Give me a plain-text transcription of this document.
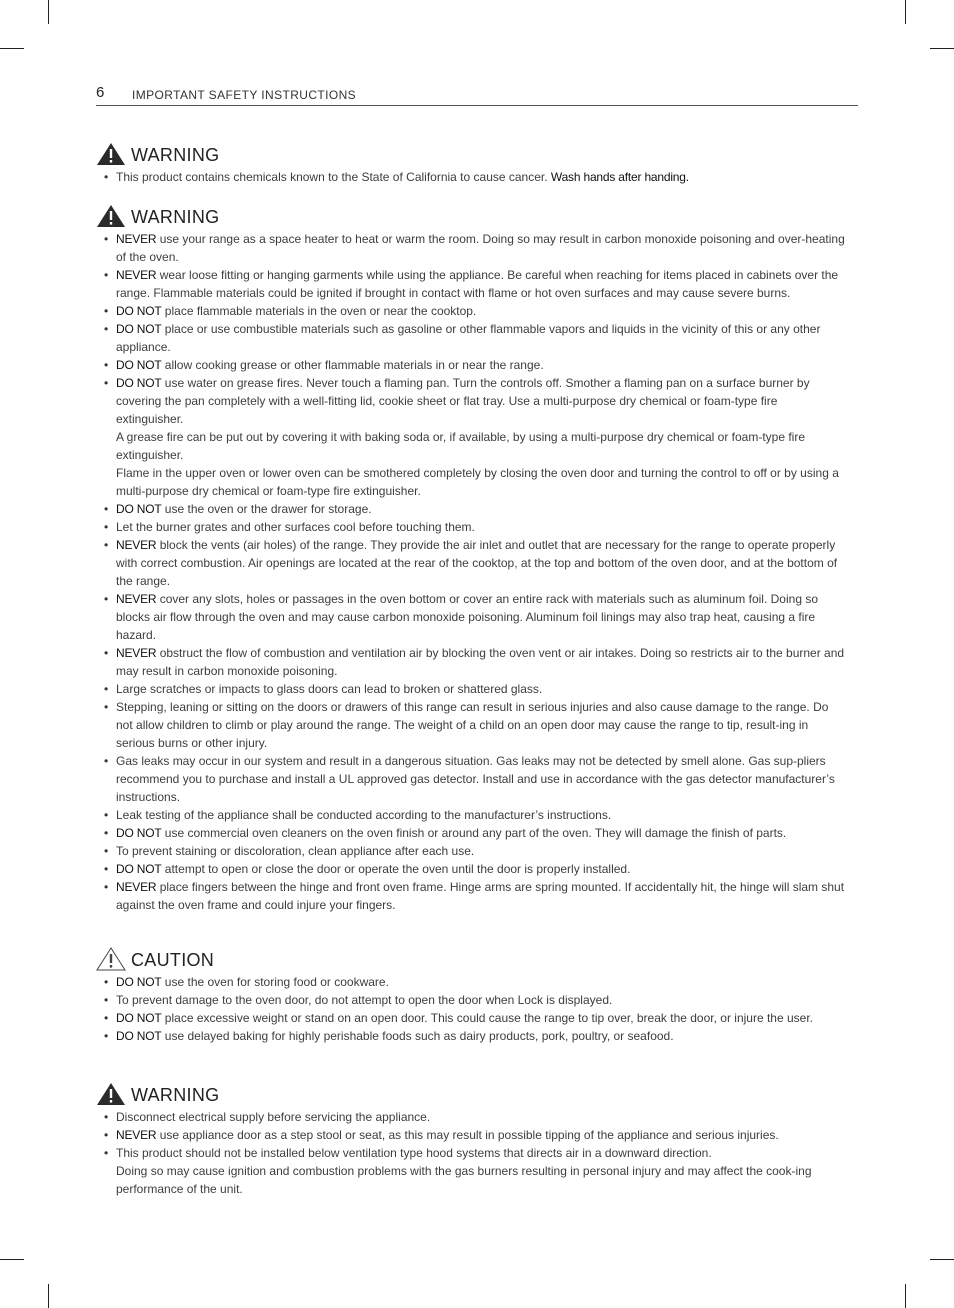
6 IMPORTANT SAFETY INSTRUCTIONS
WARNING
• This product contains chemicals known to the State of California to cause cancer. Wash hands after handing.
WARNING
• NEVER use your range as a space heater to heat or warm the room. Doing so may result in carbon monoxide poisoning and over-heating of the oven.
• NEVER wear loose fitting or hanging garments while using the appliance. Be careful when reaching for items placed in cabinets over the range. Flammable materials could be ignited if brought in contact with flame or hot oven surfaces and may cause severe burns.
• DO NOT place flammable materials in the oven or near the cooktop.
• DO NOT place or use combustible materials such as gasoline or other flammable vapors and liquids in the vicinity of this or any other appliance.
• DO NOT allow cooking grease or other flammable materials in or near the range.
• DO NOT use water on grease fires. Never touch a flaming pan. Turn the controls off. Smother a flaming pan on a surface burner by covering the pan completely with a well-fitting lid, cookie sheet or flat tray. Use a multi-purpose dry chemical or foam-type fire extinguisher.
A grease fire can be put out by covering it with baking soda or, if available, by using a multi-purpose dry chemical or foam-type fire extinguisher.
Flame in the upper oven or lower oven can be smothered completely by closing the oven door and turning the control to off or by using a multi-purpose dry chemical or foam-type fire extinguisher.
• DO NOT use the oven or the drawer for storage.
• Let the burner grates and other surfaces cool before touching them.
• NEVER block the vents (air holes) of the range. They provide the air inlet and outlet that are necessary for the range to operate properly with correct combustion. Air openings are located at the rear of the cooktop, at the top and bottom of the oven door, and at the bottom of the range.
• NEVER cover any slots, holes or passages in the oven bottom or cover an entire rack with materials such as aluminum foil. Doing so blocks air flow through the oven and may cause carbon monoxide poisoning. Aluminum foil linings may also trap heat, causing a fire hazard.
• NEVER obstruct the flow of combustion and ventilation air by blocking the oven vent or air intakes. Doing so restricts air to the burner and may result in carbon monoxide poisoning.
• Large scratches or impacts to glass doors can lead to broken or shattered glass.
• Stepping, leaning or sitting on the doors or drawers of this range can result in serious injuries and also cause damage to the range. Do not allow children to climb or play around the range. The weight of a child on an open door may cause the range to tip, result-ing in serious burns or other injury.
• Gas leaks may occur in our system and result in a dangerous situation. Gas leaks may not be detected by smell alone. Gas sup-pliers recommend you to purchase and install a UL approved gas detector. Install and use in accordance with the gas detector manufacturer’s instructions.
• Leak testing of the appliance shall be conducted according to the manufacturer’s instructions.
• DO NOT use commercial oven cleaners on the oven finish or around any part of the oven. They will damage the finish of parts.
• To prevent staining or discoloration, clean appliance after each use.
• DO NOT attempt to open or close the door or operate the oven until the door is properly installed.
• NEVER place fingers between the hinge and front oven frame. Hinge arms are spring mounted. If accidentally hit, the hinge will slam shut against the oven frame and could injure your fingers.
CAUTION
• DO NOT use the oven for storing food or cookware.
• To prevent damage to the oven door, do not attempt to open the door when Lock is displayed.
• DO NOT place excessive weight or stand on an open door. This could cause the range to tip over, break the door, or injure the user.
• DO NOT use delayed baking for highly perishable foods such as dairy products, pork, poultry, or seafood.
WARNING
• Disconnect electrical supply before servicing the appliance.
• NEVER use appliance door as a step stool or seat, as this may result in possible tipping of the appliance and serious injuries.
• This product should not be installed below ventilation type hood systems that directs air in a downward direction.
Doing so may cause ignition and combustion problems with the gas burners resulting in personal injury and may affect the cook-ing performance of the unit.
